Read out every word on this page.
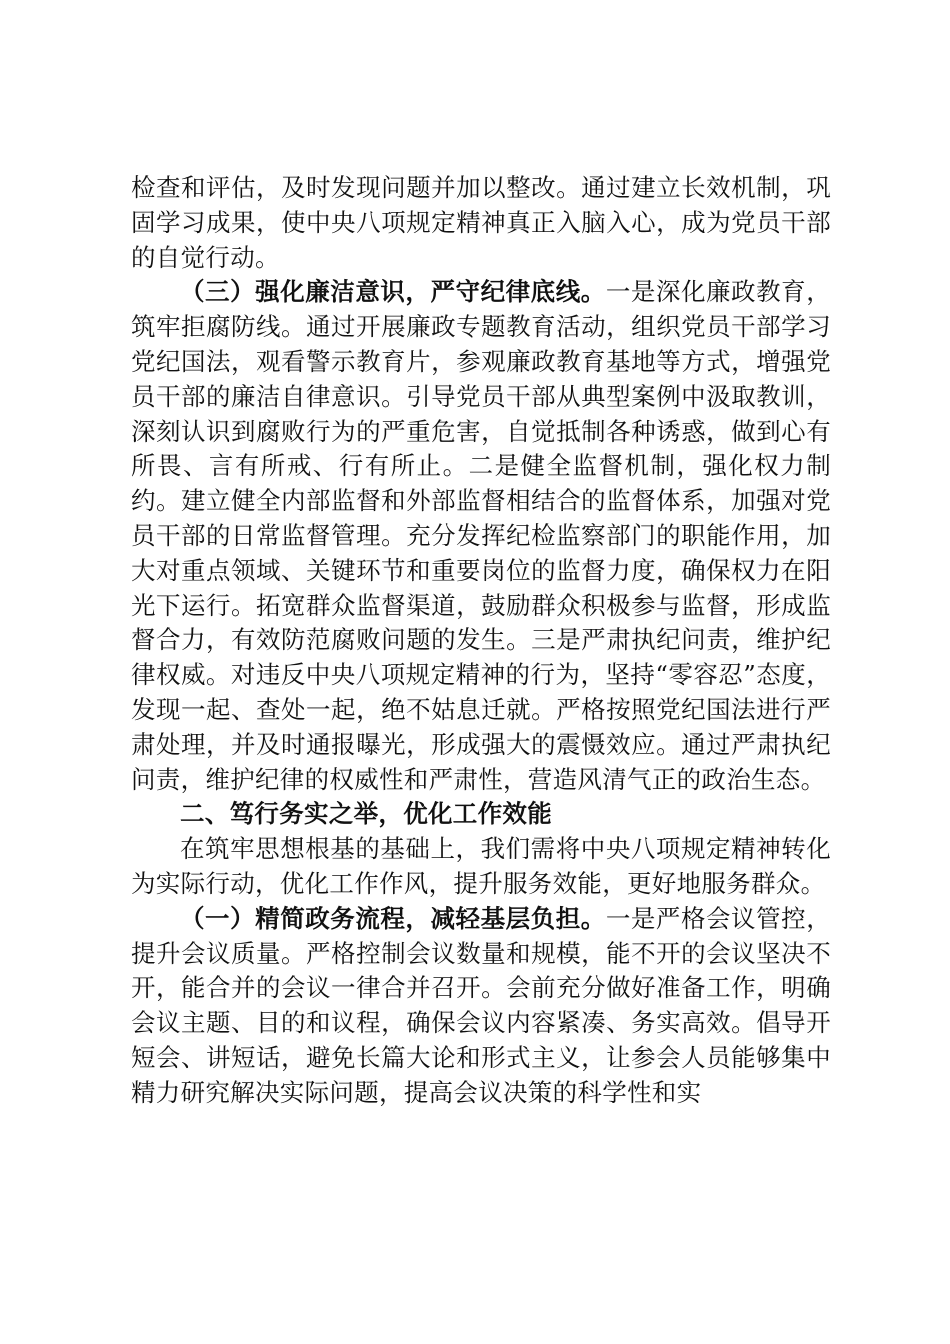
检查和评估，及时发现问题并加以整改。通过建立长效机制，巩固学习成果，使中央八项规定精神真正入脑入心，成为党员干部的自觉行动。

（三）强化廉洁意识，严守纪律底线。一是深化廉政教育，筑牢拒腐防线。通过开展廉政专题教育活动，组织党员干部学习党纪国法，观看警示教育片，参观廉政教育基地等方式，增强党员干部的廉洁自律意识。引导党员干部从典型案例中汲取教训，深刻认识到腐败行为的严重危害，自觉抵制各种诱惑，做到心有所畏、言有所戒、行有所止。二是健全监督机制，强化权力制约。建立健全内部监督和外部监督相结合的监督体系，加强对党员干部的日常监督管理。充分发挥纪检监察部门的职能作用，加大对重点领域、关键环节和重要岗位的监督力度，确保权力在阳光下运行。拓宽群众监督渠道，鼓励群众积极参与监督，形成监督合力，有效防范腐败问题的发生。三是严肃执纪问责，维护纪律权威。对违反中央八项规定精神的行为，坚持“零容忍”态度，发现一起、查处一起，绝不姑息迁就。严格按照党纪国法进行严肃处理，并及时通报曝光，形成强大的震慑效应。通过严肃执纪问责，维护纪律的权威性和严肃性，营造风清气正的政治生态。

二、笃行务实之举，优化工作效能

在筑牢思想根基的基础上，我们需将中央八项规定精神转化为实际行动，优化工作作风，提升服务效能，更好地服务群众。

（一）精简政务流程，减轻基层负担。一是严格会议管控，提升会议质量。严格控制会议数量和规模，能不开的会议坚决不开，能合并的会议一律合并召开。会前充分做好准备工作，明确会议主题、目的和议程，确保会议内容紧凑、务实高效。倡导开短会、讲短话，避免长篇大论和形式主义，让参会人员能够集中精力研究解决实际问题，提高会议决策的科学性和实
